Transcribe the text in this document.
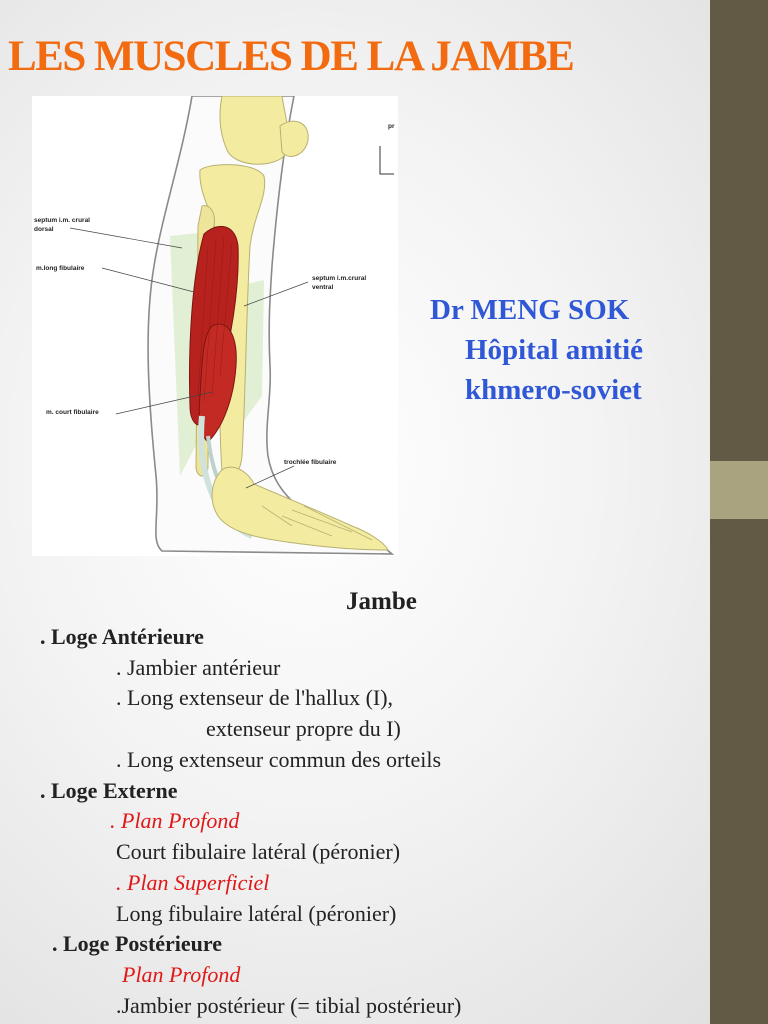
LES MUSCLES DE LA JAMBE
pr
septum i.m. crural
dorsal
m.long fibulaire
septum i.m.crural
ventral
m. court fibulaire
trochlée fibulaire
Dr MENG SOK
Hôpital amitié
khmero-soviet
Jambe
. Loge Antérieure
. Jambier antérieur
. Long extenseur de l'hallux (I),
extenseur propre du I)
. Long extenseur commun des orteils
. Loge Externe
. Plan Profond
Court fibulaire latéral (péronier)
. Plan Superficiel
Long fibulaire latéral (péronier)
. Loge Postérieure
Plan Profond
.Jambier postérieur (= tibial postérieur)
